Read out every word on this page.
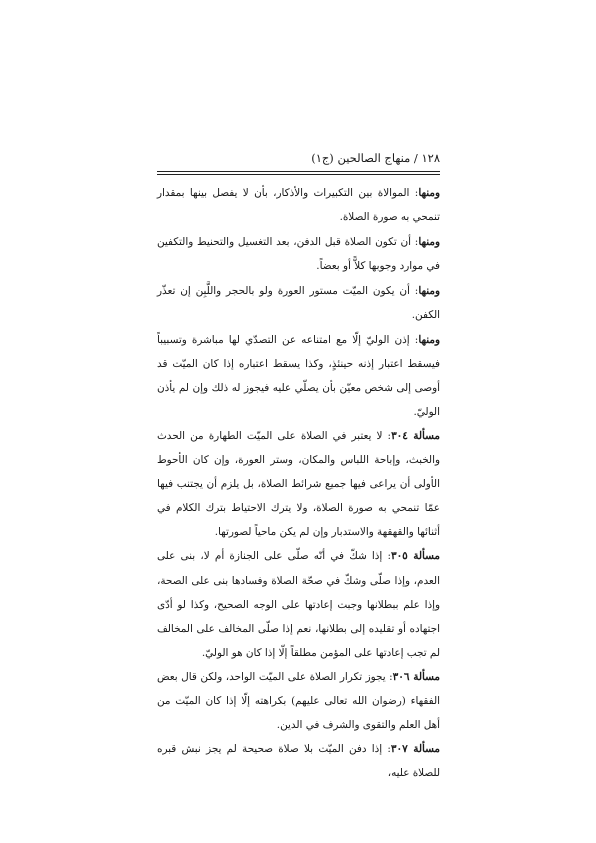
١٢٨ / منهاج الصالحين (ج١)

ومنها: الموالاة بين التكبيرات والأذكار، بأن لا يفصل بينها بمقدار تنمحي به صورة الصلاة.

ومنها: أن تكون الصلاة قبل الدفن، بعد التغسيل والتحنيط والتكفين في موارد وجوبها كلاًّ أو بعضاً.

ومنها: أن يكون الميّت مستور العورة ولو بالحجر واللَّبِن إن تعذّر الكفن.

ومنها: إذن الوليّ إلّا مع امتناعه عن التصدّي لها مباشرة وتسبيباً فيسقط اعتبار إذنه حينئذٍ، وكذا يسقط اعتباره إذا كان الميّت قد أوصى إلى شخص معيّن بأن يصلّي عليه فيجوز له ذلك وإن لم يأذن الوليّ.

مسألة ٣٠٤: لا يعتبر في الصلاة على الميّت الطهارة من الحدث والخبث، وإباحة اللباس والمكان، وستر العورة، وإن كان الأحوط الأولى أن يراعى فيها جميع شرائط الصلاة، بل يلزم أن يجتنب فيها عمّا تنمحي به صورة الصلاة، ولا يترك الاحتياط بترك الكلام في أثنائها والقهقهة والاستدبار وإن لم يكن ماحياً لصورتها.

مسألة ٣٠٥: إذا شكّ في أنّه صلّى على الجنازة أم لا، بنى على العدم، وإذا صلّى وشكّ في صحّة الصلاة وفسادها بنى على الصحة، وإذا علم ببطلانها وجبت إعادتها على الوجه الصحيح، وكذا لو أدّى اجتهاده أو تقليده إلى بطلانها، نعم إذا صلّى المخالف على المخالف لم تجب إعادتها على المؤمن مطلقاً إلّا إذا كان هو الوليّ.

مسألة ٣٠٦: يجوز تكرار الصلاة على الميّت الواحد، ولكن قال بعض الفقهاء (رضوان الله تعالى عليهم) بكراهته إلّا إذا كان الميّت من أهل العلم والتقوى والشرف في الدين.

مسألة ٣٠٧: إذا دفن الميّت بلا صلاة صحيحة لم يجز نبش قبره للصلاة عليه،
